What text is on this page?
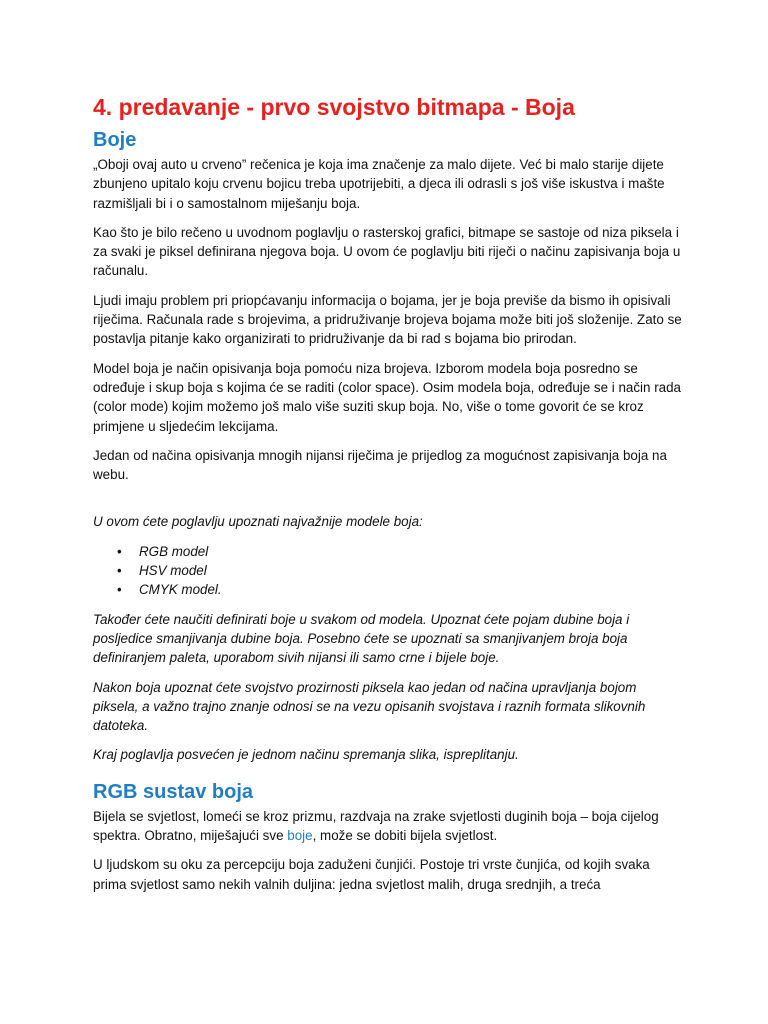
4. predavanje - prvo svojstvo bitmapa - Boja
Boje

„Oboji ovaj auto u crveno” rečenica je koja ima značenje za malo dijete. Već bi malo starije dijete zbunjeno upitalo koju crvenu bojicu treba upotrijebiti, a djeca ili odrasli s još više iskustva i mašte razmišljali bi i o samostalnom miješanju boja.

Kao što je bilo rečeno u uvodnom poglavlju o rasterskoj grafici, bitmape se sastoje od niza piksela i za svaki je piksel definirana njegova boja. U ovom će poglavlju biti riječi o načinu zapisivanja boja u računalu.

Ljudi imaju problem pri priopćavanju informacija o bojama, jer je boja previše da bismo ih opisivali riječima. Računala rade s brojevima, a pridruživanje brojeva bojama može biti još složenije. Zato se postavlja pitanje kako organizirati to pridruživanje da bi rad s bojama bio prirodan.

Model boja je način opisivanja boja pomoću niza brojeva. Izborom modela boja posredno se određuje i skup boja s kojima će se raditi (color space). Osim modela boja, određuje se i način rada (color mode) kojim možemo još malo više suziti skup boja. No, više o tome govorit će se kroz primjene u sljedećim lekcijama.

Jedan od načina opisivanja mnogih nijansi riječima je prijedlog za mogućnost zapisivanja boja na webu.

U ovom ćete poglavlju upoznati najvažnije modele boja:

• RGB model
• HSV model
• CMYK model.

Također ćete naučiti definirati boje u svakom od modela. Upoznat ćete pojam dubine boja i posljedice smanjivanja dubine boja. Posebno ćete se upoznati sa smanjivanjem broja boja definiranjem paleta, uporabom sivih nijansi ili samo crne i bijele boje.

Nakon boja upoznat ćete svojstvo prozirnosti piksela kao jedan od načina upravljanja bojom piksela, a važno trajno znanje odnosi se na vezu opisanih svojstava i raznih formata slikovnih datoteka.

Kraj poglavlja posvećen je jednom načinu spremanja slika, ispreplitanju.

RGB sustav boja

Bijela se svjetlost, lomeći se kroz prizmu, razdvaja na zrake svjetlosti duginih boja – boja cijelog spektra. Obratno, miješajući sve boje, može se dobiti bijela svjetlost.

U ljudskom su oku za percepciju boja zaduženi čunjići. Postoje tri vrste čunjića, od kojih svaka prima svjetlost samo nekih valnih duljina: jedna svjetlost malih, druga srednjih, a treća
